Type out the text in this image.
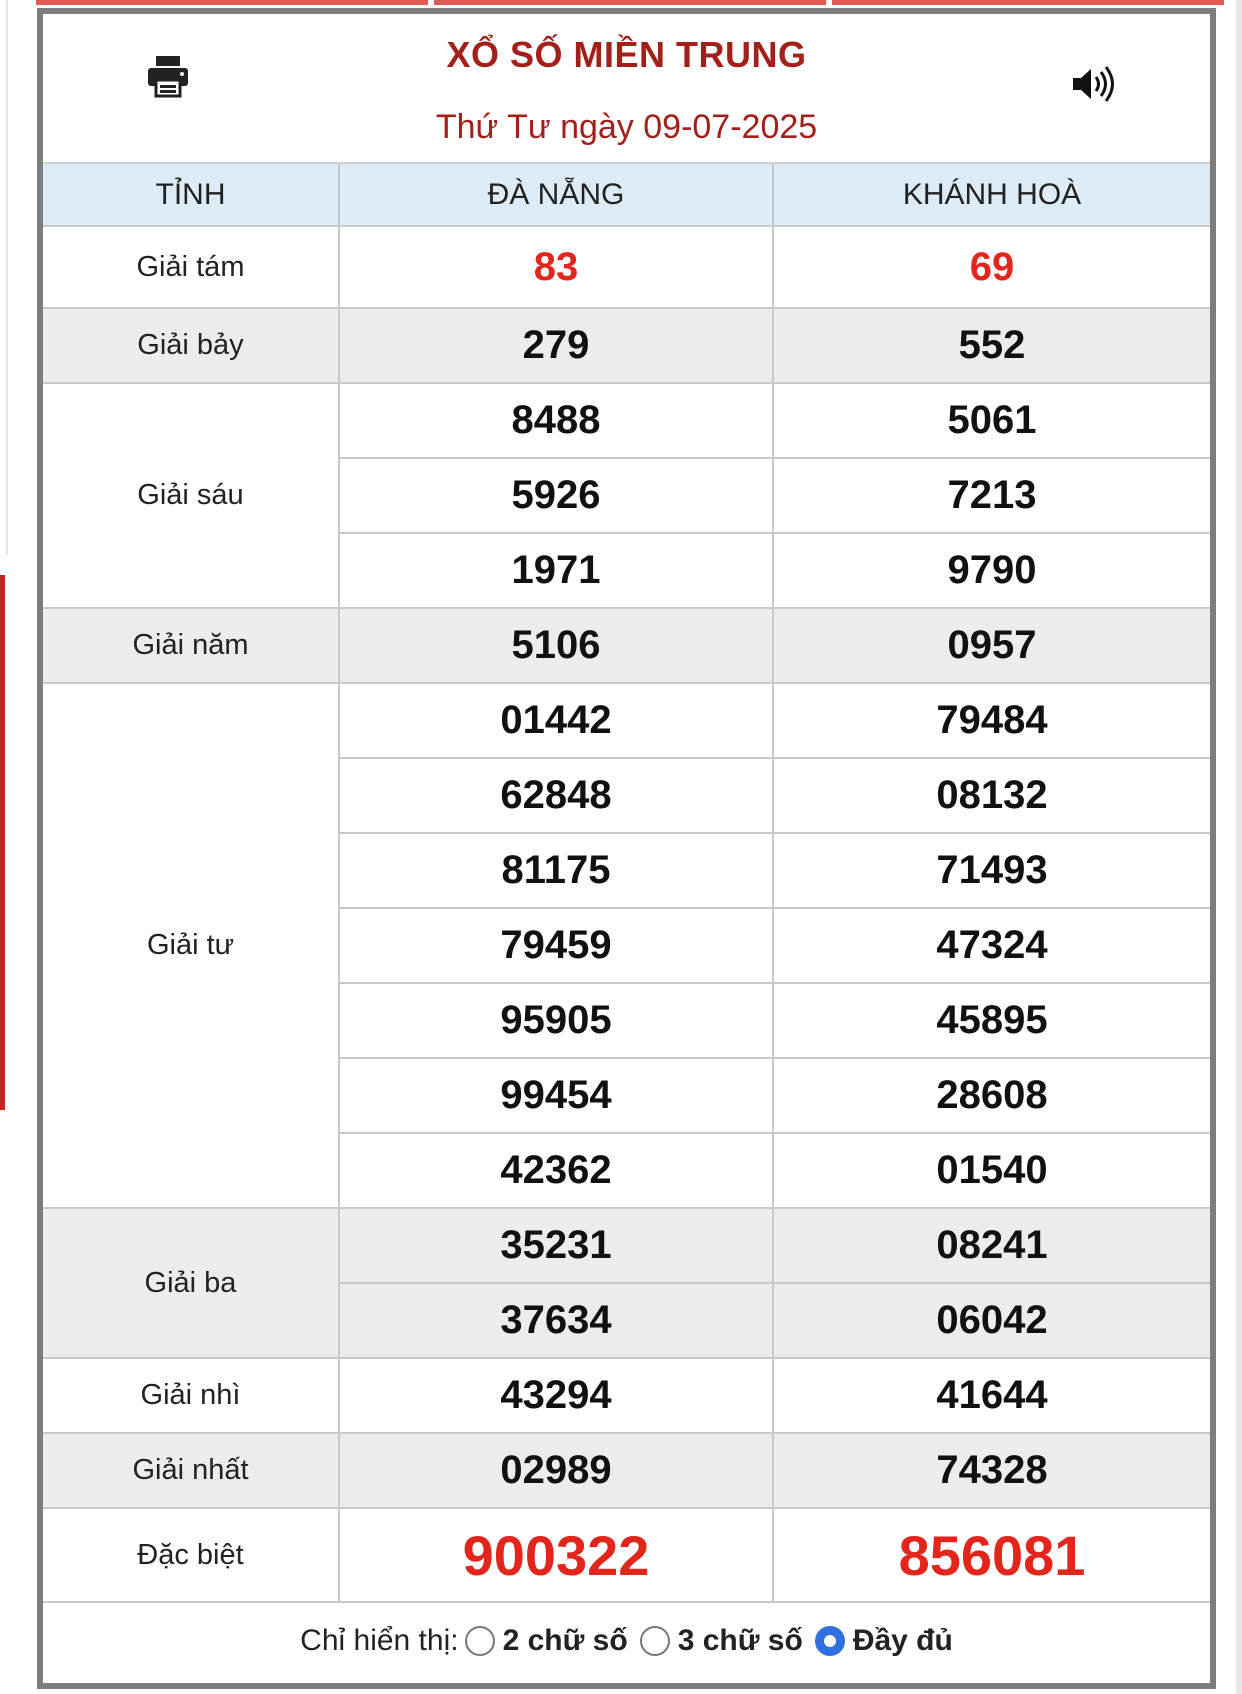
XỔ SỐ MIỀN TRUNG
Thứ Tư ngày 09-07-2025
TỈNH	ĐÀ NẴNG	KHÁNH HOÀ
Giải tám	83	69
Giải bảy	279	552
Giải sáu	8488	5061
	5926	7213
	1971	9790
Giải năm	5106	0957
Giải tư	01442	79484
	62848	08132
	81175	71493
	79459	47324
	95905	45895
	99454	28608
	42362	01540
Giải ba	35231	08241
	37634	06042
Giải nhì	43294	41644
Giải nhất	02989	74328
Đặc biệt	900322	856081
Chỉ hiển thị: 2 chữ số 3 chữ số Đầy đủ
